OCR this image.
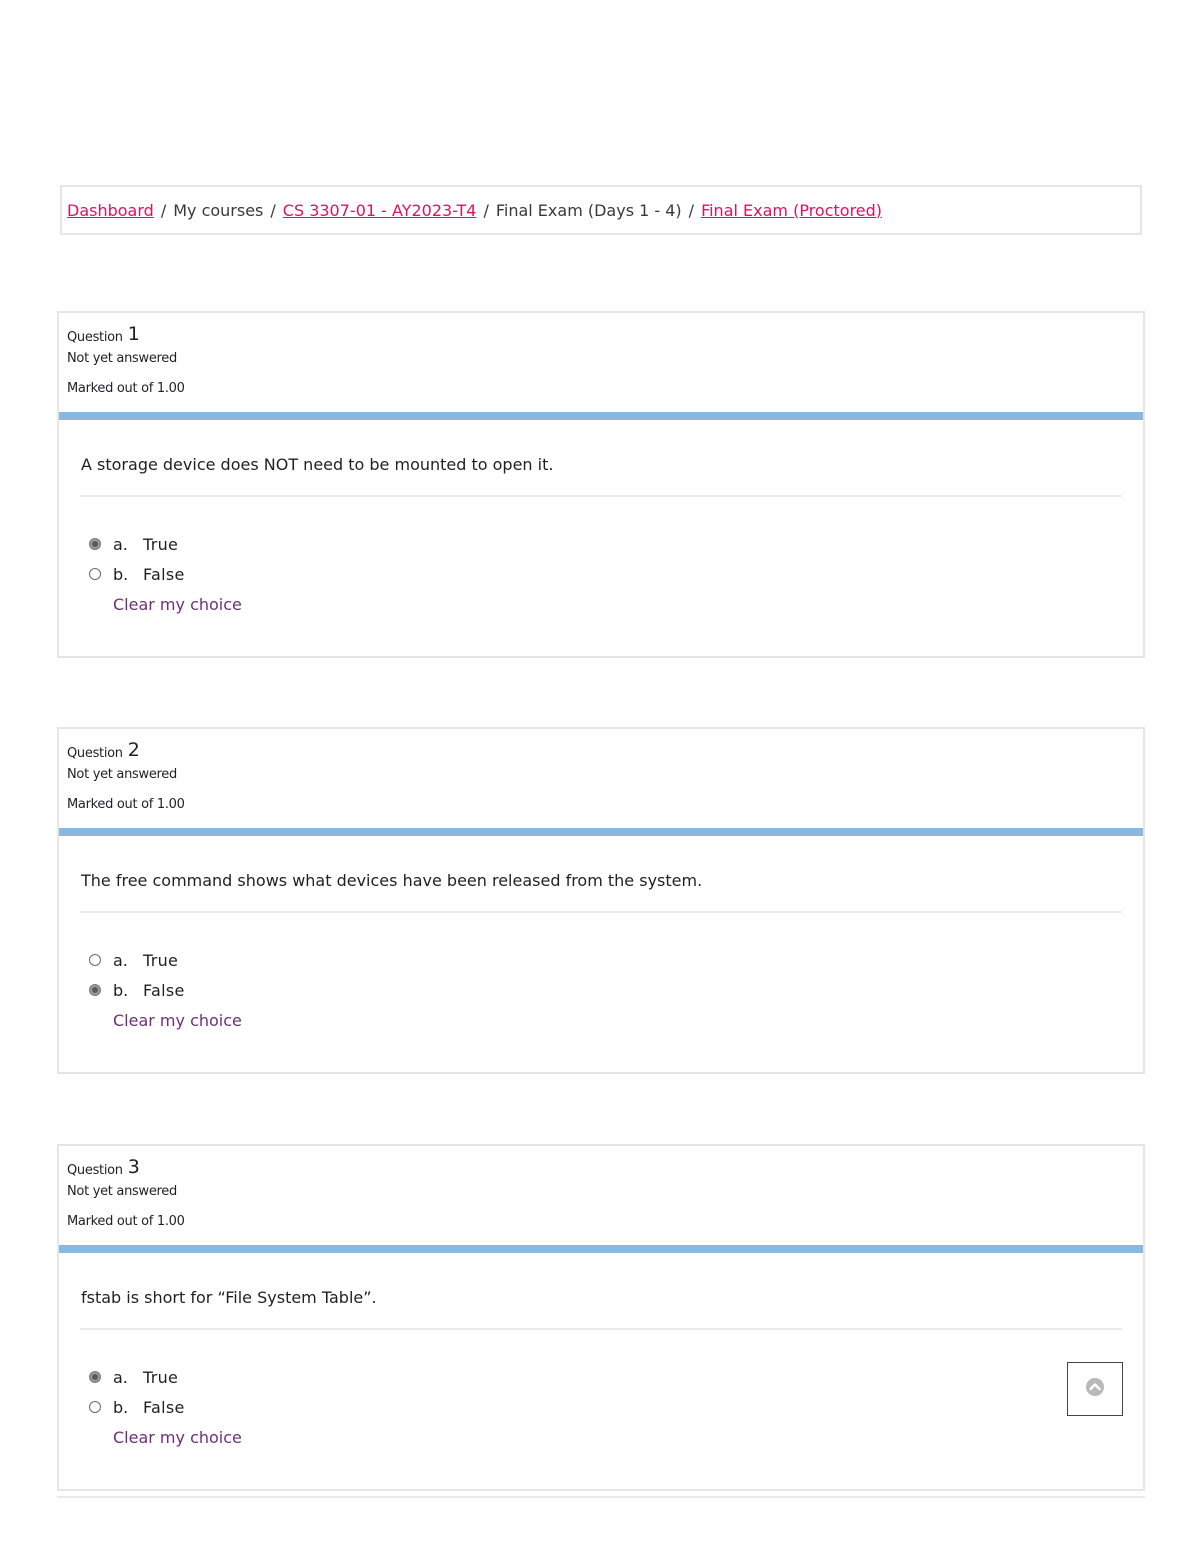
Dashboard / My courses / CS 3307-01 - AY2023-T4 / Final Exam (Days 1 - 4) / Final Exam (Proctored)
Question 1
Not yet answered
Marked out of 1.00
A storage device does NOT need to be mounted to open it.
a. True
b. False
Clear my choice
Question 2
Not yet answered
Marked out of 1.00
The free command shows what devices have been released from the system.
a. True
b. False
Clear my choice
Question 3
Not yet answered
Marked out of 1.00
fstab is short for “File System Table”.
a. True
b. False
Clear my choice
